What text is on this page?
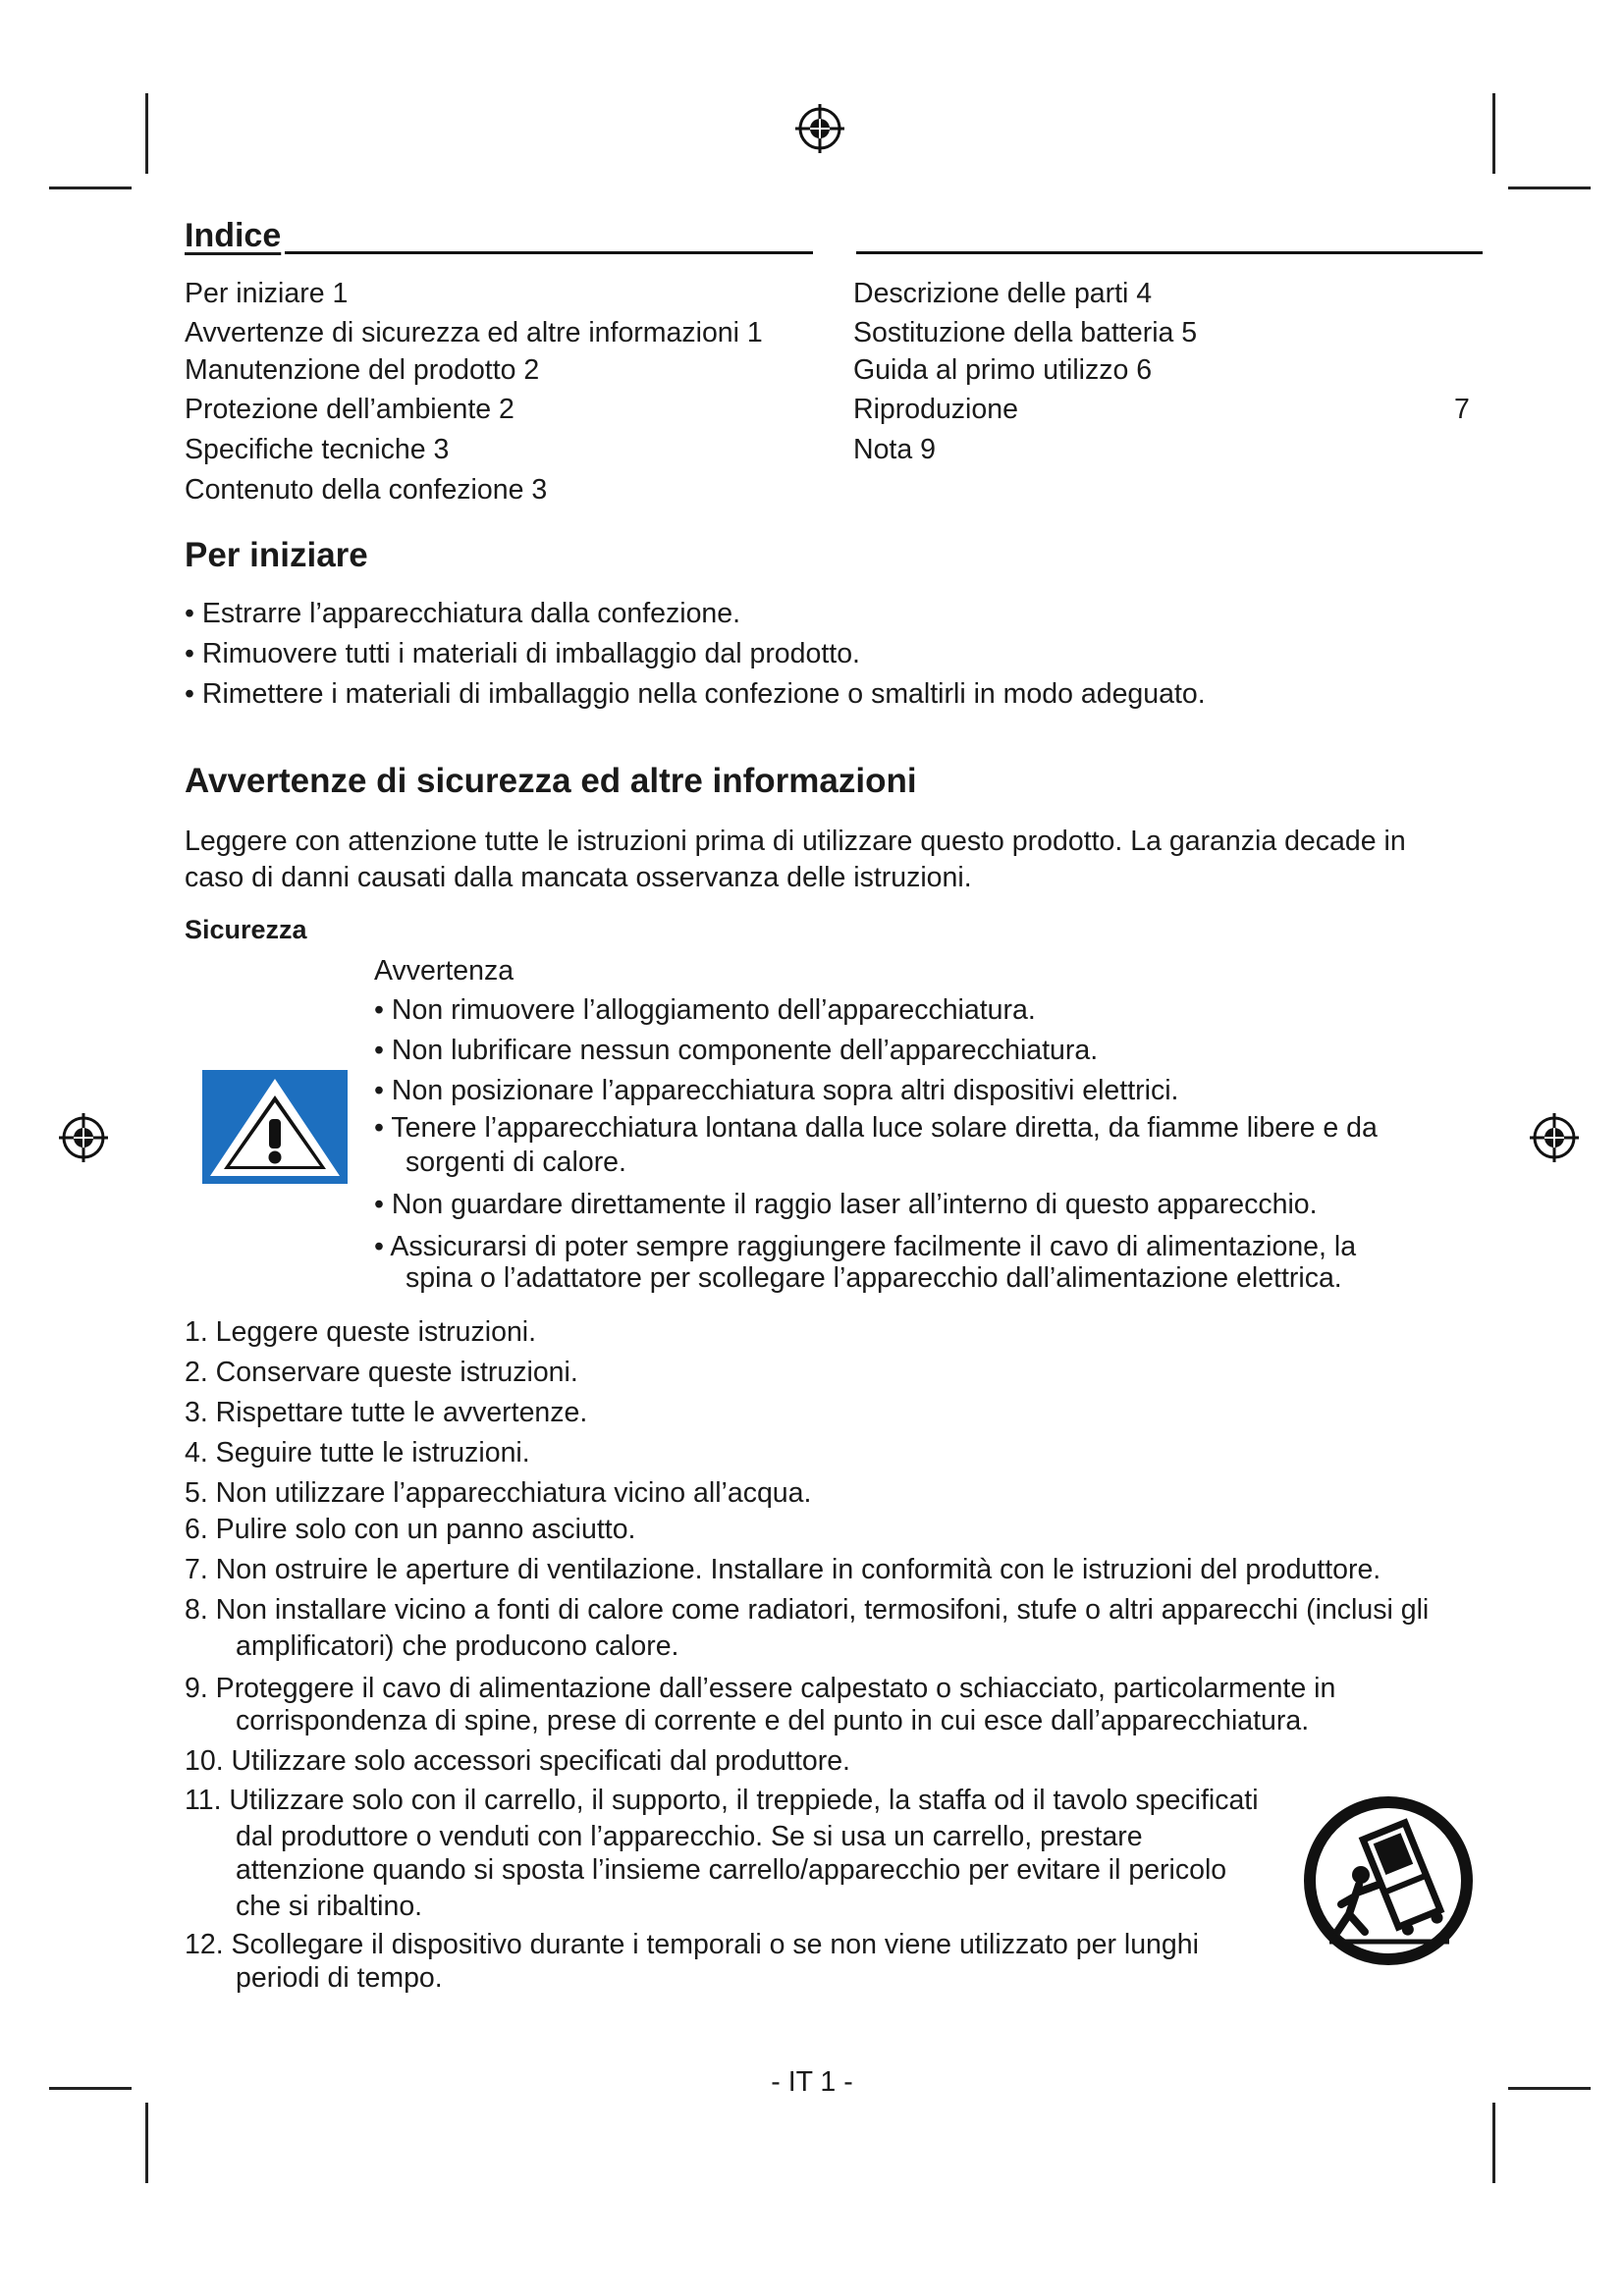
Indice
Per iniziare 1
Avvertenze di sicurezza ed altre informazioni 1
Manutenzione del prodotto 2
Protezione dell’ambiente 2
Specifiche tecniche 3
Contenuto della confezione 3
Descrizione delle parti 4
Sostituzione della batteria 5
Guida al primo utilizzo 6
Riproduzione	7
Nota 9
Per iniziare
• Estrarre l’apparecchiatura dalla confezione.
• Rimuovere tutti i materiali di imballaggio dal prodotto.
• Rimettere i materiali di imballaggio nella confezione o smaltirli in modo adeguato.
Avvertenze di sicurezza ed altre informazioni
Leggere con attenzione tutte le istruzioni prima di utilizzare questo prodotto. La garanzia decade in
caso di danni causati dalla mancata osservanza delle istruzioni.
Sicurezza
Avvertenza
• Non rimuovere l’alloggiamento dell’apparecchiatura.
• Non lubrificare nessun componente dell’apparecchiatura.
• Non posizionare l’apparecchiatura sopra altri dispositivi elettrici.
• Tenere l’apparecchiatura lontana dalla luce solare diretta, da fiamme libere e da
sorgenti di calore.
• Non guardare direttamente il raggio laser all’interno di questo apparecchio.
• Assicurarsi di poter sempre raggiungere facilmente il cavo di alimentazione, la
spina o l’adattatore per scollegare l’apparecchio dall’alimentazione elettrica.
1. Leggere queste istruzioni.
2. Conservare queste istruzioni.
3. Rispettare tutte le avvertenze.
4. Seguire tutte le istruzioni.
5. Non utilizzare l’apparecchiatura vicino all’acqua.
6. Pulire solo con un panno asciutto.
7. Non ostruire le aperture di ventilazione. Installare in conformità con le istruzioni del produttore.
8. Non installare vicino a fonti di calore come radiatori, termosifoni, stufe o altri apparecchi (inclusi gli
amplificatori) che producono calore.
9. Proteggere il cavo di alimentazione dall’essere calpestato o schiacciato, particolarmente in
corrispondenza di spine, prese di corrente e del punto in cui esce dall’apparecchiatura.
10. Utilizzare solo accessori specificati dal produttore.
11. Utilizzare solo con il carrello, il supporto, il treppiede, la staffa od il tavolo specificati
dal produttore o venduti con l’apparecchio. Se si usa un carrello, prestare
attenzione quando si sposta l’insieme carrello/apparecchio per evitare il pericolo
che si ribaltino.
12. Scollegare il dispositivo durante i temporali o se non viene utilizzato per lunghi
periodi di tempo.
- IT 1 -
